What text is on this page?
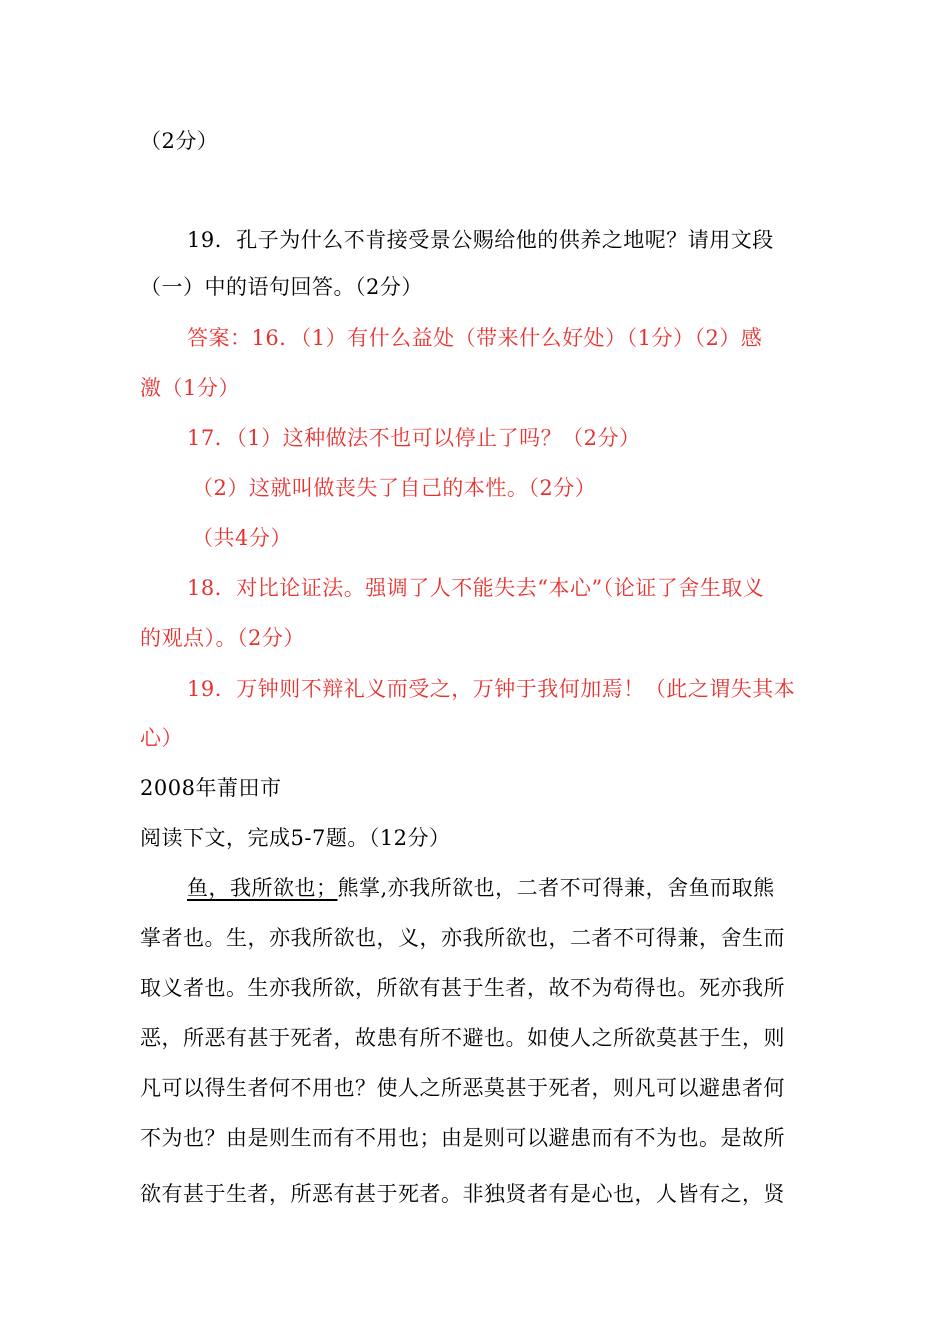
（2分）
19．孔子为什么不肯接受景公赐给他的供养之地呢？请用文段
（一）中的语句回答。（2分）
答案：16．（1）有什么益处（带来什么好处）（1分）（2）感
激（1分）
17．（1）这种做法不也可以停止了吗？（2分）
（2）这就叫做丧失了自己的本性。（2分）
（共4分）
18．对比论证法。强调了人不能失去“本心”（论证了舍生取义
的观点）。（2分）
19．万钟则不辩礼义而受之，万钟于我何加焉！（此之谓失其本
心）
2008年莆田市
阅读下文，完成5-7题。（12分）
鱼，我所欲也；熊掌,亦我所欲也，二者不可得兼，舍鱼而取熊
掌者也。生，亦我所欲也，义，亦我所欲也，二者不可得兼，舍生而
取义者也。生亦我所欲，所欲有甚于生者，故不为苟得也。死亦我所
恶，所恶有甚于死者，故患有所不避也。如使人之所欲莫甚于生，则
凡可以得生者何不用也？使人之所恶莫甚于死者，则凡可以避患者何
不为也？由是则生而有不用也；由是则可以避患而有不为也。是故所
欲有甚于生者，所恶有甚于死者。非独贤者有是心也，人皆有之，贤
